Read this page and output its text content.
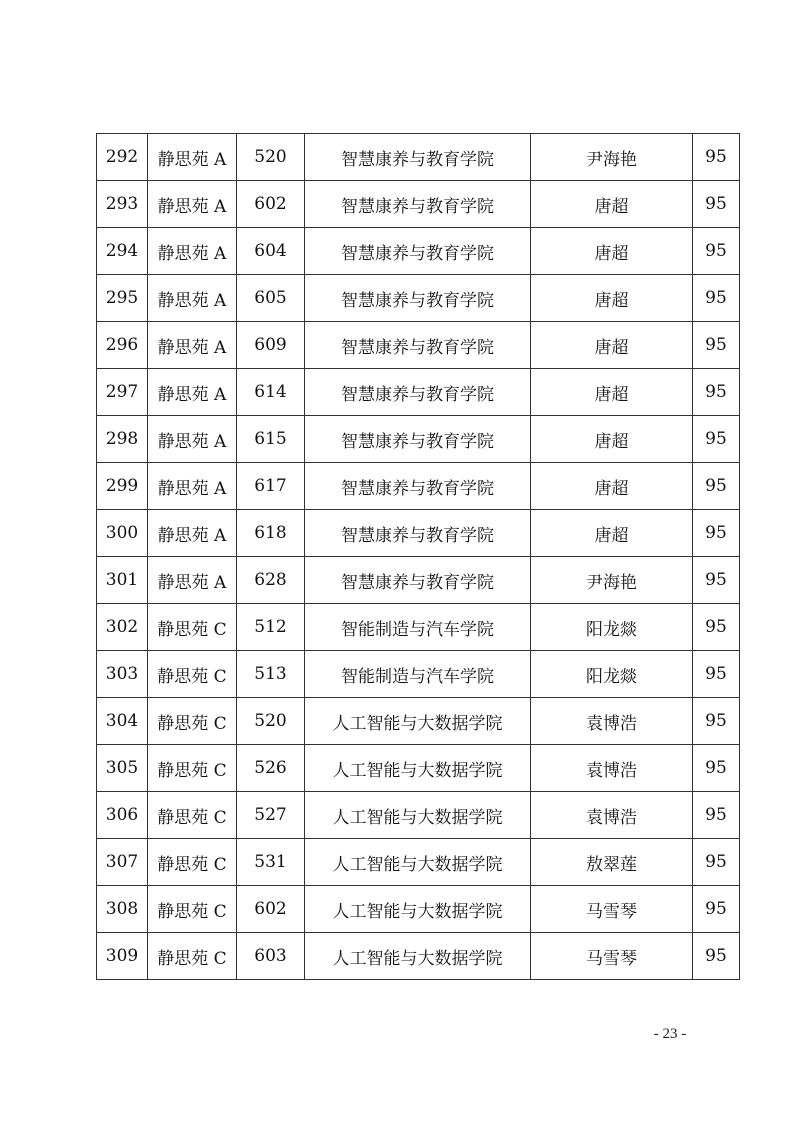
292	静思苑 A	520	智慧康养与教育学院	尹海艳	95
293	静思苑 A	602	智慧康养与教育学院	唐超	95
294	静思苑 A	604	智慧康养与教育学院	唐超	95
295	静思苑 A	605	智慧康养与教育学院	唐超	95
296	静思苑 A	609	智慧康养与教育学院	唐超	95
297	静思苑 A	614	智慧康养与教育学院	唐超	95
298	静思苑 A	615	智慧康养与教育学院	唐超	95
299	静思苑 A	617	智慧康养与教育学院	唐超	95
300	静思苑 A	618	智慧康养与教育学院	唐超	95
301	静思苑 A	628	智慧康养与教育学院	尹海艳	95
302	静思苑 C	512	智能制造与汽车学院	阳龙燚	95
303	静思苑 C	513	智能制造与汽车学院	阳龙燚	95
304	静思苑 C	520	人工智能与大数据学院	袁博浩	95
305	静思苑 C	526	人工智能与大数据学院	袁博浩	95
306	静思苑 C	527	人工智能与大数据学院	袁博浩	95
307	静思苑 C	531	人工智能与大数据学院	敖翠莲	95
308	静思苑 C	602	人工智能与大数据学院	马雪琴	95
309	静思苑 C	603	人工智能与大数据学院	马雪琴	95
- 23 -
